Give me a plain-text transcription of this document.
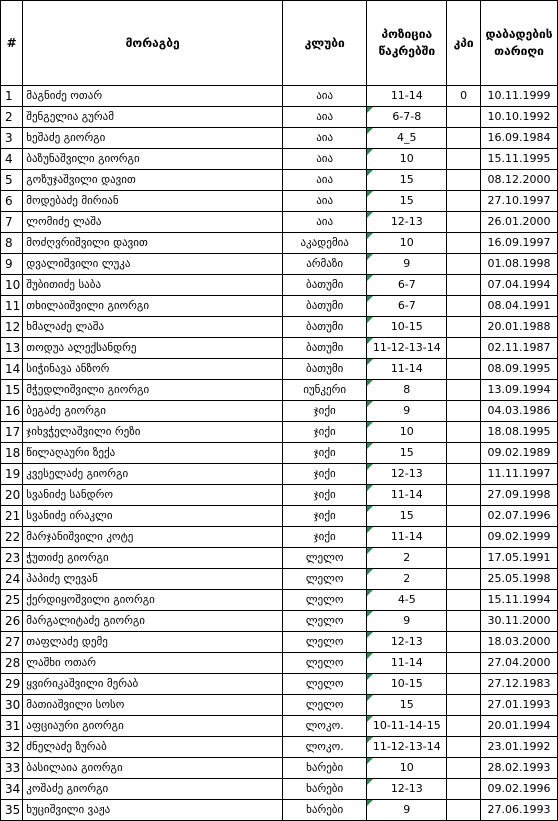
#	მორაგბე	კლუბი	პოზიცია წაკრებში	კპი	დაბადების თარიღი
1	მაგნიძე ოთარ	აია	11-14	0	10.11.1999
2	შენგელია გურამ	აია	6-7-8		10.10.1992
3	ხეშაძე გიორგი	აია	4_5		16.09.1984
4	ბაზუნაშვილი გიორგი	აია	10		15.11.1995
5	გოზუჯაშვილი დავით	აია	15		08.12.2000
6	მოდებაძე მირიან	აია	15		27.10.1997
7	ლომიძე ლაშა	აია	12-13		26.01.2000
8	მოძღვრიშვილი დავით	აკადემია	10		16.09.1997
9	დვალიშვილი ლუკა	არმაზი	9		01.08.1998
10	შუბითიძე საბა	ბათუმი	6-7		07.04.1994
11	თხილაიშვილი გიორგი	ბათუმი	6-7		08.04.1991
12	ხმალაძე ლაშა	ბათუმი	10-15		20.01.1988
13	თოდუა ალექსანდრე	ბათუმი	11-12-13-14		02.11.1987
14	სიჭინავა ანზორ	ბათუმი	11-14		08.09.1995
15	მჭედლიშვილი გიორგი	იუნკერი	8		13.09.1994
16	ბეგაძე გიორგი	ჯიქი	9		04.03.1986
17	ჯიხვჭელაშვილი რეზი	ჯიქი	10		18.08.1995
18	წილაღაური ზექა	ჯიქი	15		09.02.1989
19	კვესელაძე გიორგი	ჯიქი	12-13		11.11.1997
20	სვანიძე სანდრო	ჯიქი	11-14		27.09.1998
21	სვანიძე ირაკლი	ჯიქი	15		02.07.1996
22	მარჯანიშვილი კოტე	ჯიქი	11-14		09.02.1999
23	ჭუთიძე გიორგი	ლელო	2		17.05.1991
24	პაპიძე ლევან	ლელო	2		25.05.1998
25	ქერდიყოშვილი გიორგი	ლელო	4-5		15.11.1994
26	მარგალიტაძე გიორგი	ლელო	9		30.11.2000
27	თაფლაძე დემე	ლელო	12-13		18.03.2000
28	ლაშხი ოთარ	ლელო	11-14		27.04.2000
29	ყვირიკაშვილი მერაბ	ლელო	10-15		27.12.1983
30	მათიაშვილი სოსო	ლელო	15		27.01.1993
31	აფციაური გიორგი	ლოკო.	10-11-14-15		20.01.1994
32	ძნელაძე ზურაბ	ლოკო.	11-12-13-14		23.01.1992
33	ბასილაია გიორგი	ხარები	10		28.02.1993
34	კოშაძე გიორგი	ხარები	12-13		09.02.1996
35	ხუციშვილი ვაჟა	ხარები	9		27.06.1993
